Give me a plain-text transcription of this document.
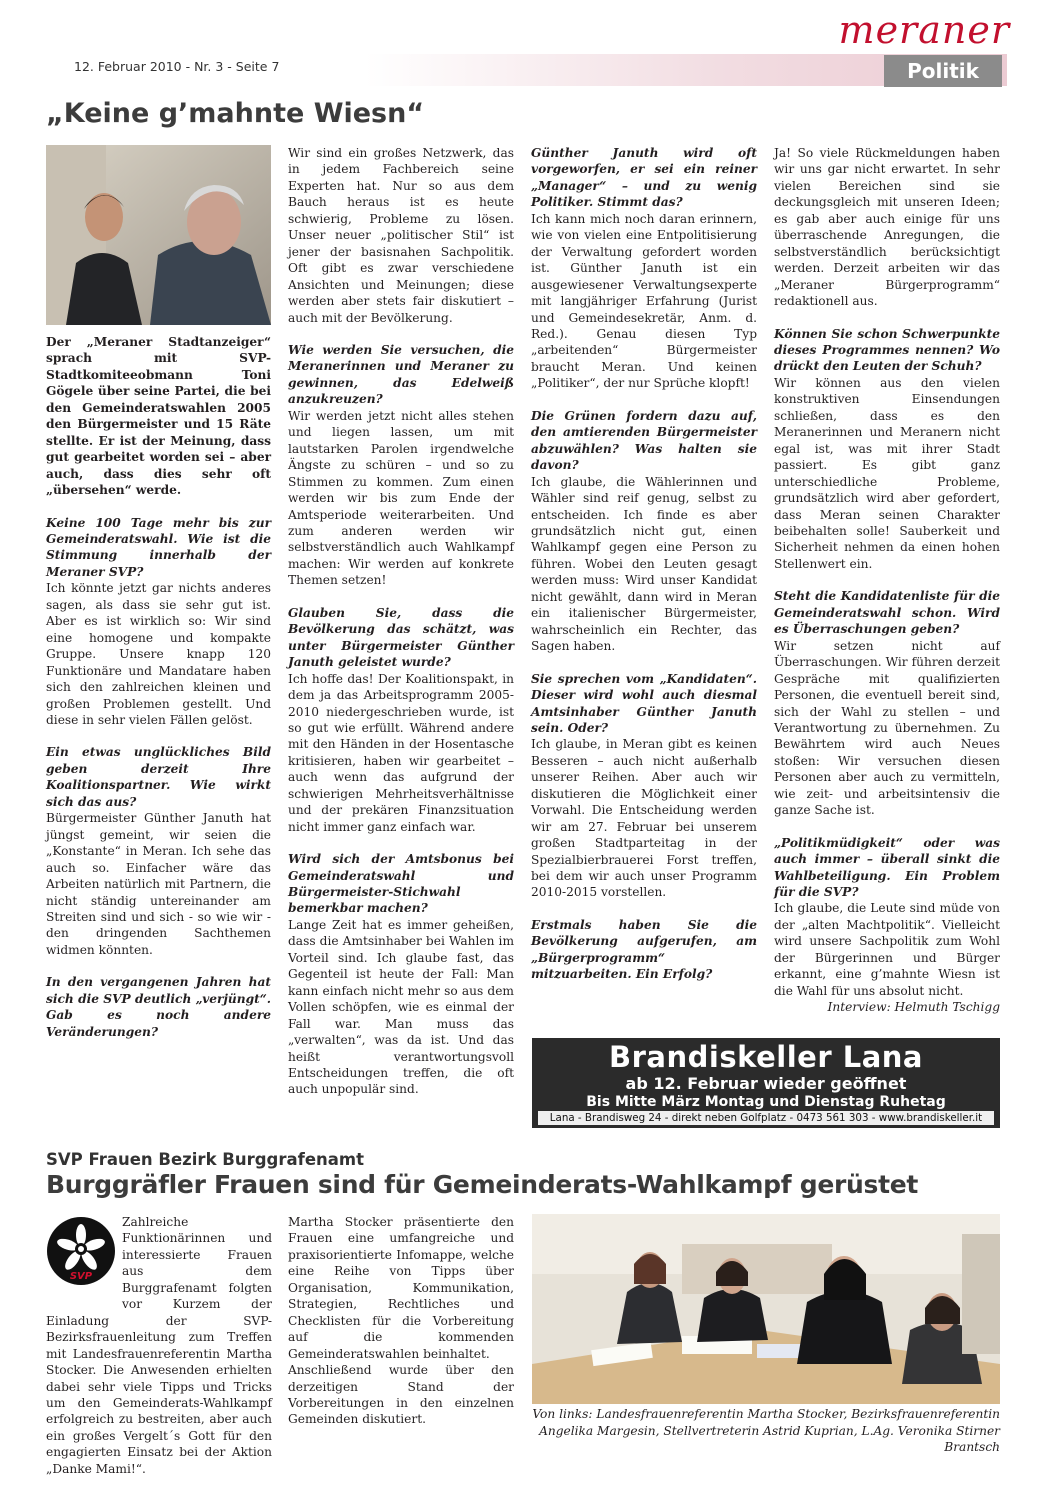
meraner
12. Februar 2010 - Nr. 3 - Seite 7	Politik
„Keine g’mahnte Wiesn“

Der „Meraner Stadtanzeiger“ sprach mit SVP-Stadtkomiteeobmann Toni Gögele über seine Partei, die bei den Gemeinderatswahlen 2005 den Bürgermeister und 15 Räte stellte. Er ist der Meinung, dass gut gearbeitet worden sei – aber auch, dass dies sehr oft „übersehen“ werde.

Keine 100 Tage mehr bis zur Gemeinderatswahl. Wie ist die Stimmung innerhalb der Meraner SVP?

Ich könnte jetzt gar nichts anderes sagen, als dass sie sehr gut ist. Aber es ist wirklich so: Wir sind eine homogene und kompakte Gruppe. Unsere knapp 120 Funktionäre und Mandatare haben sich den zahlreichen kleinen und großen Problemen gestellt. Und diese in sehr vielen Fällen gelöst.

Ein etwas unglückliches Bild geben derzeit Ihre Koalitionspartner. Wie wirkt sich das aus?

Bürgermeister Günther Januth hat jüngst gemeint, wir seien die „Konstante“ in Meran. Ich sehe das auch so. Einfacher wäre das Arbeiten natürlich mit Partnern, die nicht ständig untereinander am Streiten sind und sich - so wie wir - den dringenden Sachthemen widmen könnten.

In den vergangenen Jahren hat sich die SVP deutlich „verjüngt“. Gab es noch andere Veränderungen?

Wir sind ein großes Netzwerk, das in jedem Fachbereich seine Experten hat. Nur so aus dem Bauch heraus ist es heute schwierig, Probleme zu lösen. Unser neuer „politischer Stil“ ist jener der basisnahen Sachpolitik. Oft gibt es zwar verschiedene Ansichten und Meinungen; diese werden aber stets fair diskutiert – auch mit der Bevölkerung.

Wie werden Sie versuchen, die Meranerinnen und Meraner zu gewinnen, das Edelweiß anzukreuzen?

Wir werden jetzt nicht alles stehen und liegen lassen, um mit lautstarken Parolen irgendwelche Ängste zu schüren – und so zu Stimmen zu kommen. Zum einen werden wir bis zum Ende der Amtsperiode weiterarbeiten. Und zum anderen werden wir selbstverständlich auch Wahlkampf machen: Wir werden auf konkrete Themen setzen!

Glauben Sie, dass die Bevölkerung das schätzt, was unter Bürgermeister Günther Januth geleistet wurde?

Ich hoffe das! Der Koalitionspakt, in dem ja das Arbeitsprogramm 2005-2010 niedergeschrieben wurde, ist so gut wie erfüllt. Während andere mit den Händen in der Hosentasche kritisieren, haben wir gearbeitet – auch wenn das aufgrund der schwierigen Mehrheitsverhältnisse und der prekären Finanzsituation nicht immer ganz einfach war.

Wird sich der Amtsbonus bei Gemeinderatswahl und Bürgermeister-Stichwahl bemerkbar machen?

Lange Zeit hat es immer geheißen, dass die Amtsinhaber bei Wahlen im Vorteil sind. Ich glaube fast, das Gegenteil ist heute der Fall: Man kann einfach nicht mehr so aus dem Vollen schöpfen, wie es einmal der Fall war. Man muss das „verwalten“, was da ist. Und das heißt verantwortungsvoll Entscheidungen treffen, die oft auch unpopulär sind.

Günther Januth wird oft vorgeworfen, er sei ein reiner „Manager“ – und zu wenig Politiker. Stimmt das?

Ich kann mich noch daran erinnern, wie von vielen eine Entpolitisierung der Verwaltung gefordert worden ist. Günther Januth ist ein ausgewiesener Verwaltungsexperte mit langjähriger Erfahrung (Jurist und Gemeindesekretär, Anm. d. Red.). Genau diesen Typ „arbeitenden“ Bürgermeister braucht Meran. Und keinen „Politiker“, der nur Sprüche klopft!

Die Grünen fordern dazu auf, den amtierenden Bürgermeister abzuwählen? Was halten sie davon?

Ich glaube, die Wählerinnen und Wähler sind reif genug, selbst zu entscheiden. Ich finde es aber grundsätzlich nicht gut, einen Wahlkampf gegen eine Person zu führen. Wobei den Leuten gesagt werden muss: Wird unser Kandidat nicht gewählt, dann wird in Meran ein italienischer Bürgermeister, wahrscheinlich ein Rechter, das Sagen haben.

Sie sprechen vom „Kandidaten“. Dieser wird wohl auch diesmal Amtsinhaber Günther Januth sein. Oder?

Ich glaube, in Meran gibt es keinen Besseren – auch nicht außerhalb unserer Reihen. Aber auch wir diskutieren die Möglichkeit einer Vorwahl. Die Entscheidung werden wir am 27. Februar bei unserem großen Stadtparteitag in der Spezialbierbrauerei Forst treffen, bei dem wir auch unser Programm 2010-2015 vorstellen.

Erstmals haben Sie die Bevölkerung aufgerufen, am „Bürgerprogramm“ mitzuarbeiten. Ein Erfolg?

Ja! So viele Rückmeldungen haben wir uns gar nicht erwartet. In sehr vielen Bereichen sind sie deckungsgleich mit unseren Ideen; es gab aber auch einige für uns überraschende Anregungen, die selbstverständlich berücksichtigt werden. Derzeit arbeiten wir das „Meraner Bürgerprogramm“ redaktionell aus.

Können Sie schon Schwerpunkte dieses Programmes nennen? Wo drückt den Leuten der Schuh?

Wir können aus den vielen konstruktiven Einsendungen schließen, dass es den Meranerinnen und Meranern nicht egal ist, was mit ihrer Stadt passiert. Es gibt ganz unterschiedliche Probleme, grundsätzlich wird aber gefordert, dass Meran seinen Charakter beibehalten solle! Sauberkeit und Sicherheit nehmen da einen hohen Stellenwert ein.

Steht die Kandidatenliste für die Gemeinderatswahl schon. Wird es Überraschungen geben?

Wir setzen nicht auf Überraschungen. Wir führen derzeit Gespräche mit qualifizierten Personen, die eventuell bereit sind, sich der Wahl zu stellen – und Verantwortung zu übernehmen. Zu Bewährtem wird auch Neues stoßen: Wir versuchen diesen Personen aber auch zu vermitteln, wie zeit- und arbeitsintensiv die ganze Sache ist.

„Politikmüdigkeit“ oder was auch immer – überall sinkt die Wahlbeteiligung. Ein Problem für die SVP?

Ich glaube, die Leute sind müde von der „alten Machtpolitik“. Vielleicht wird unsere Sachpolitik zum Wohl der Bürgerinnen und Bürger erkannt, eine g’mahnte Wiesn ist die Wahl für uns absolut nicht.

Interview: Helmuth Tschigg

Brandiskeller Lana
ab 12. Februar wieder geöffnet
Bis Mitte März Montag und Dienstag Ruhetag
Lana - Brandisweg 24 - direkt neben Golfplatz - 0473 561 303 - www.brandiskeller.it
SVP Frauen Bezirk Burggrafenamt
Burggräfler Frauen sind für Gemeinderats-Wahlkampf gerüstet
SVP

Zahlreiche Funktionärinnen und interessierte Frauen aus dem Burggrafenamt folgten vor Kurzem der Einladung der SVP-Bezirksfrauenleitung zum Treffen mit Landesfrauenreferentin Martha Stocker. Die Anwesenden erhielten dabei sehr viele Tipps und Tricks um den Gemeinderats-Wahlkampf erfolgreich zu bestreiten, aber auch ein großes Vergelt´s Gott für den engagierten Einsatz bei der Aktion „Danke Mami!“.

Martha Stocker präsentierte den Frauen eine umfangreiche und praxisorientierte Infomappe, welche eine Reihe von Tipps über Organisation, Kommunikation, Strategien, Rechtliches und Checklisten für die Vorbereitung auf die kommenden Gemeinderatswahlen beinhaltet.

Anschließend wurde über den derzeitigen Stand der Vorbereitungen in den einzelnen Gemeinden diskutiert.	Von links: Landesfrauenreferentin Martha Stocker, Bezirksfrauenreferentin Angelika Margesin, Stellvertreterin Astrid Kuprian, L.Ag. Veronika Stirner Brantsch
